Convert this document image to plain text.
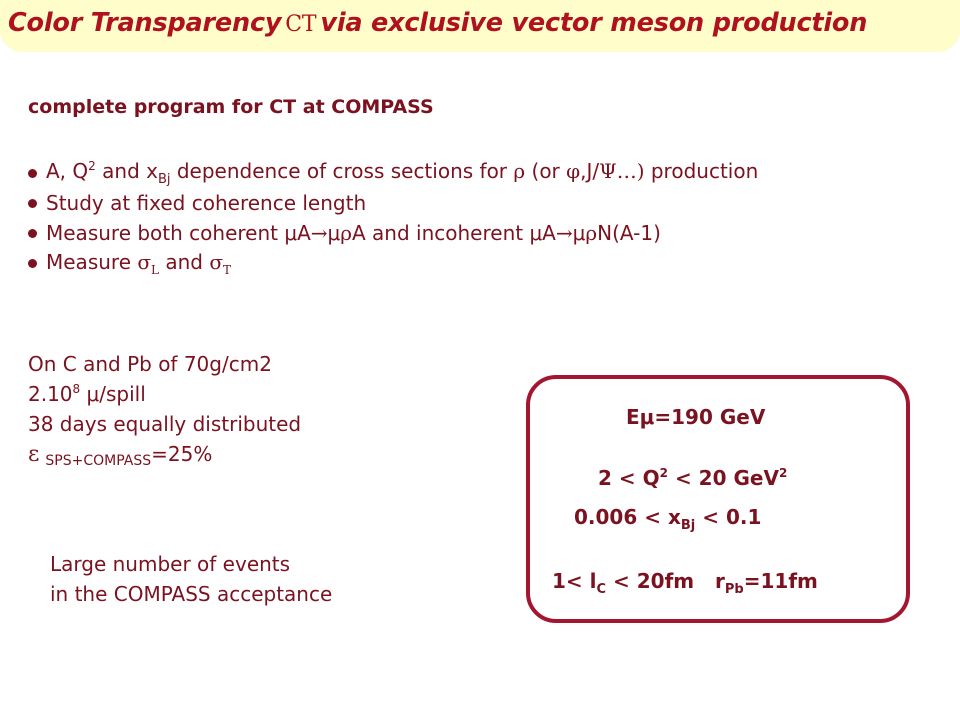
Color Transparency CT via exclusive vector meson production
complete program for CT at COMPASS
A, $Q^2$ and $x_{Bj}$ dependence of cross sections for ρ (or φ,J/Ψ…) production
Study at fixed coherence length
Measure both coherent μA→μρA and incoherent μA→μρN(A-1)
Measure $\sigma_L$ and $\sigma_T$
On C and Pb of 70g/cm2
2.10$^8$ μ/spill
38 days equally distributed
ε $_{SPS+COMPASS}$=25%
Large number of events
in the COMPASS acceptance
Eμ=190 GeV
$2 < Q^2 < 20$ GeV$^2$
$0.006 < x_{Bj} < 0.1$
$1< l_C < 20fm$ $r_{Pb}=11fm$
